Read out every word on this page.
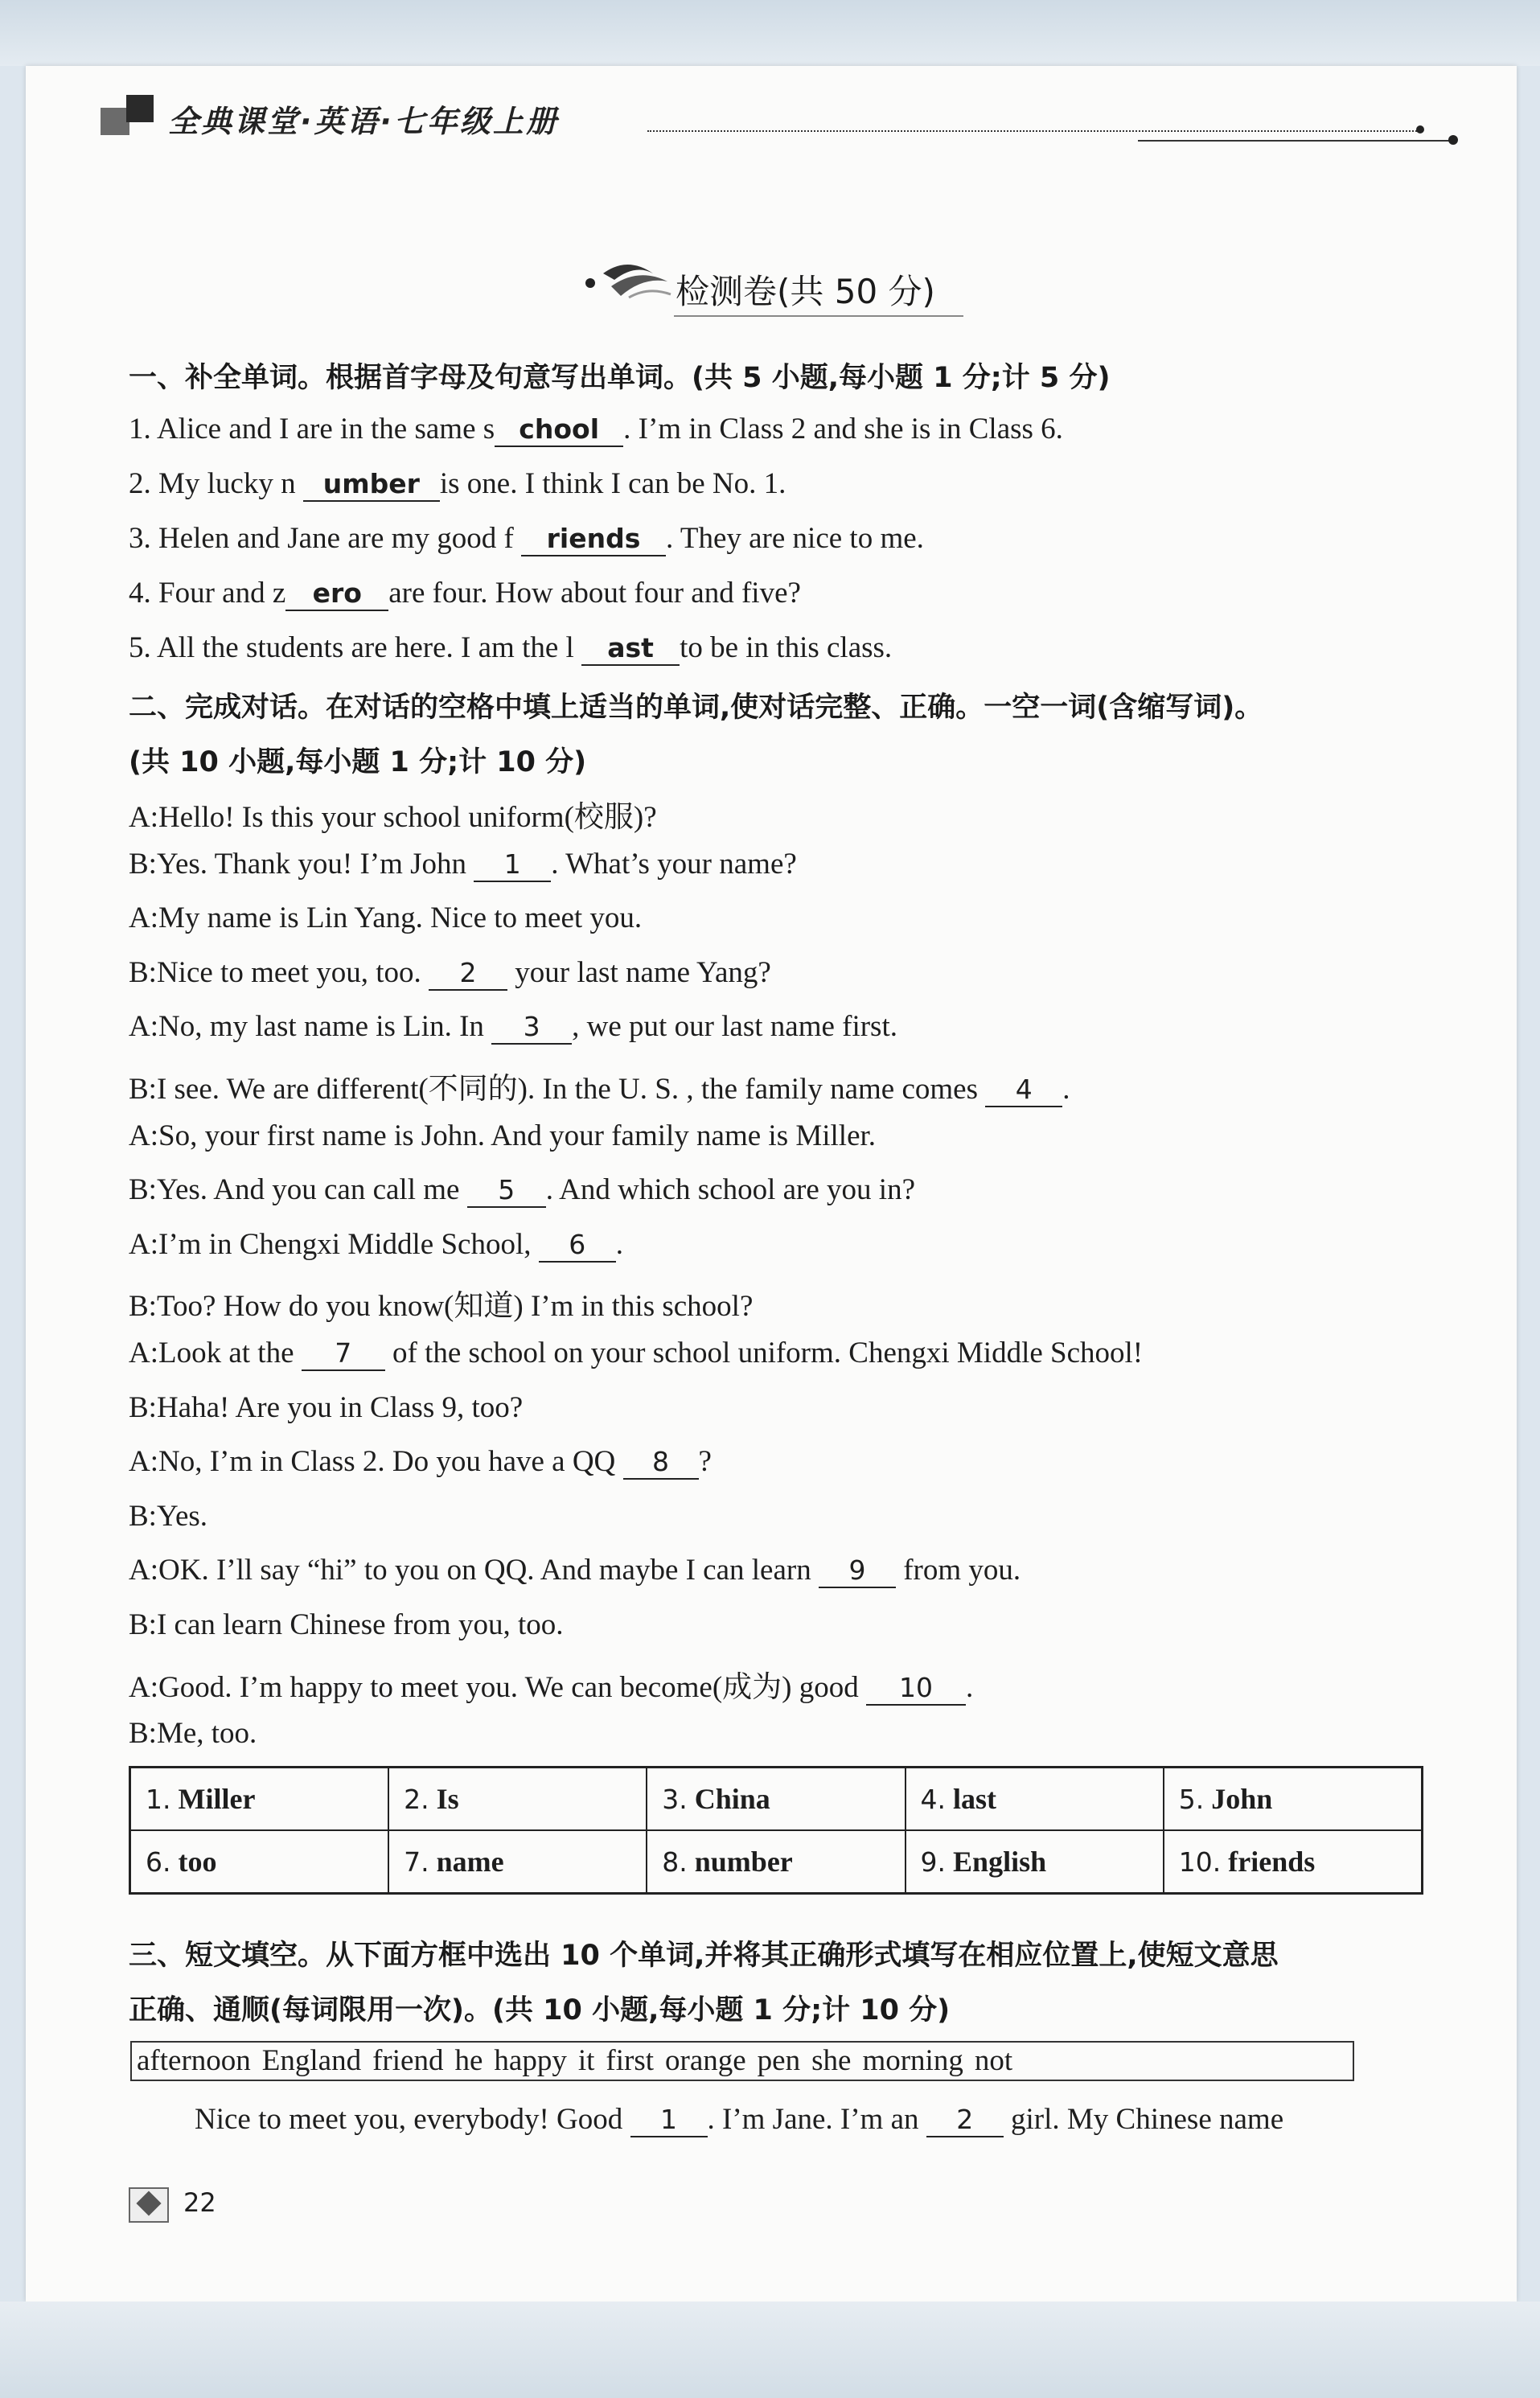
全典课堂·英语·七年级上册
检测卷(共 50 分)
一、补全单词。根据首字母及句意写出单词。(共 5 小题,每小题 1 分;计 5 分)
1. Alice and I are in the same s chool . I’m in Class 2 and she is in Class 6.
2. My lucky n umber is one. I think I can be No. 1.
3. Helen and Jane are my good f riends . They are nice to me.
4. Four and z ero are four. How about four and five?
5. All the students are here. I am the l ast to be in this class.
二、完成对话。在对话的空格中填上适当的单词,使对话完整、正确。一空一词(含缩写词)。
(共 10 小题,每小题 1 分;计 10 分)
A:Hello! Is this your school uniform(校服)?
B:Yes. Thank you! I’m John 1 . What’s your name?
A:My name is Lin Yang. Nice to meet you.
B:Nice to meet you, too. 2 your last name Yang?
A:No, my last name is Lin. In 3 , we put our last name first.
B:I see. We are different(不同的). In the U. S. , the family name comes 4 .
A:So, your first name is John. And your family name is Miller.
B:Yes. And you can call me 5 . And which school are you in?
A:I’m in Chengxi Middle School, 6 .
B:Too? How do you know(知道) I’m in this school?
A:Look at the 7 of the school on your school uniform. Chengxi Middle School!
B:Haha! Are you in Class 9, too?
A:No, I’m in Class 2. Do you have a QQ 8 ?
B:Yes.
A:OK. I’ll say “hi” to you on QQ. And maybe I can learn 9 from you.
B:I can learn Chinese from you, too.
A:Good. I’m happy to meet you. We can become(成为) good 10 .
B:Me, too.
1. Miller	2. Is	3. China	4. last	5. John
6. too	7. name	8. number	9. English	10. friends
三、短文填空。从下面方框中选出 10 个单词,并将其正确形式填写在相应位置上,使短文意思
正确、通顺(每词限用一次)。(共 10 小题,每小题 1 分;计 10 分)
afternoon England friend he happy it first orange pen she morning not
Nice to meet you, everybody! Good 1 . I’m Jane. I’m an 2 girl. My Chinese name
22
